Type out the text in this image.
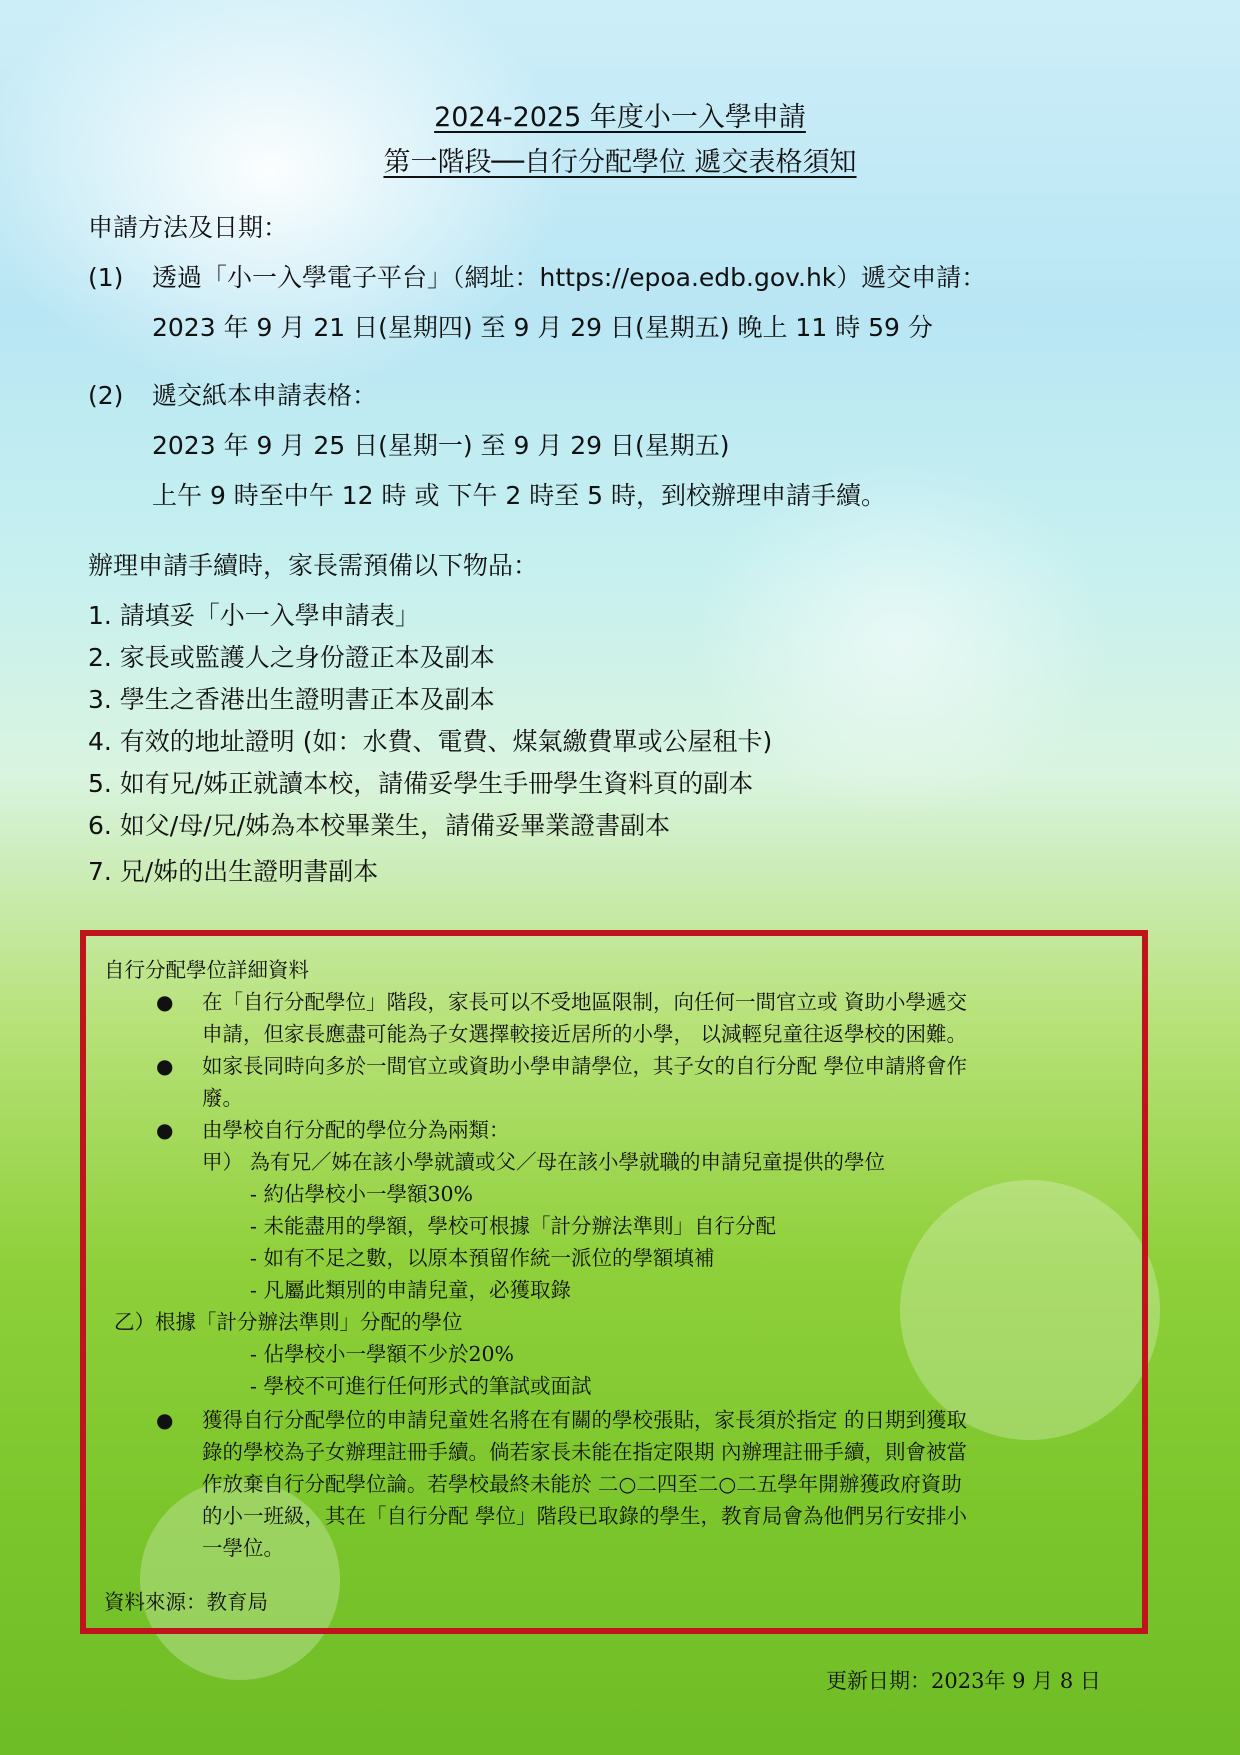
2024-2025 年度小一入學申請
第一階段──自行分配學位 遞交表格須知
申請方法及日期：
(1) 透過「小一入學電子平台」（網址：https://epoa.edb.gov.hk）遞交申請：
2023 年 9 月 21 日(星期四) 至 9 月 29 日(星期五) 晚上 11 時 59 分
(2) 遞交紙本申請表格：
2023 年 9 月 25 日(星期一) 至 9 月 29 日(星期五)
上午 9 時至中午 12 時 或 下午 2 時至 5 時，到校辦理申請手續。
辦理申請手續時，家長需預備以下物品：
1. 請填妥「小一入學申請表」
2. 家長或監護人之身份證正本及副本
3. 學生之香港出生證明書正本及副本
4. 有效的地址證明 (如：水費、電費、煤氣繳費單或公屋租卡)
5. 如有兄/姊正就讀本校，請備妥學生手冊學生資料頁的副本
6. 如父/母/兄/姊為本校畢業生，請備妥畢業證書副本
7. 兄/姊的出生證明書副本
自行分配學位詳細資料
● 在「自行分配學位」階段，家長可以不受地區限制，向任何一間官立或 資助小學遞交
申請，但家長應盡可能為子女選擇較接近居所的小學， 以減輕兒童往返學校的困難。
● 如家長同時向多於一間官立或資助小學申請學位，其子女的自行分配 學位申請將會作
廢。
● 由學校自行分配的學位分為兩類：
甲） 為有兄／姊在該小學就讀或父／母在該小學就職的申請兒童提供的學位
- 約佔學校小一學額30%
- 未能盡用的學額，學校可根據「計分辦法準則」自行分配
- 如有不足之數，以原本預留作統一派位的學額填補
- 凡屬此類別的申請兒童，必獲取錄
乙）根據「計分辦法準則」分配的學位
- 佔學校小一學額不少於20%
- 學校不可進行任何形式的筆試或面試
● 獲得自行分配學位的申請兒童姓名將在有關的學校張貼，家長須於指定 的日期到獲取
錄的學校為子女辦理註冊手續。倘若家長未能在指定限期 內辦理註冊手續，則會被當
作放棄自行分配學位論。若學校最終未能於 二○二四至二○二五學年開辦獲政府資助
的小一班級，其在「自行分配 學位」階段已取錄的學生，教育局會為他們另行安排小
一學位。
資料來源：教育局
更新日期：2023年 9 月 8 日
